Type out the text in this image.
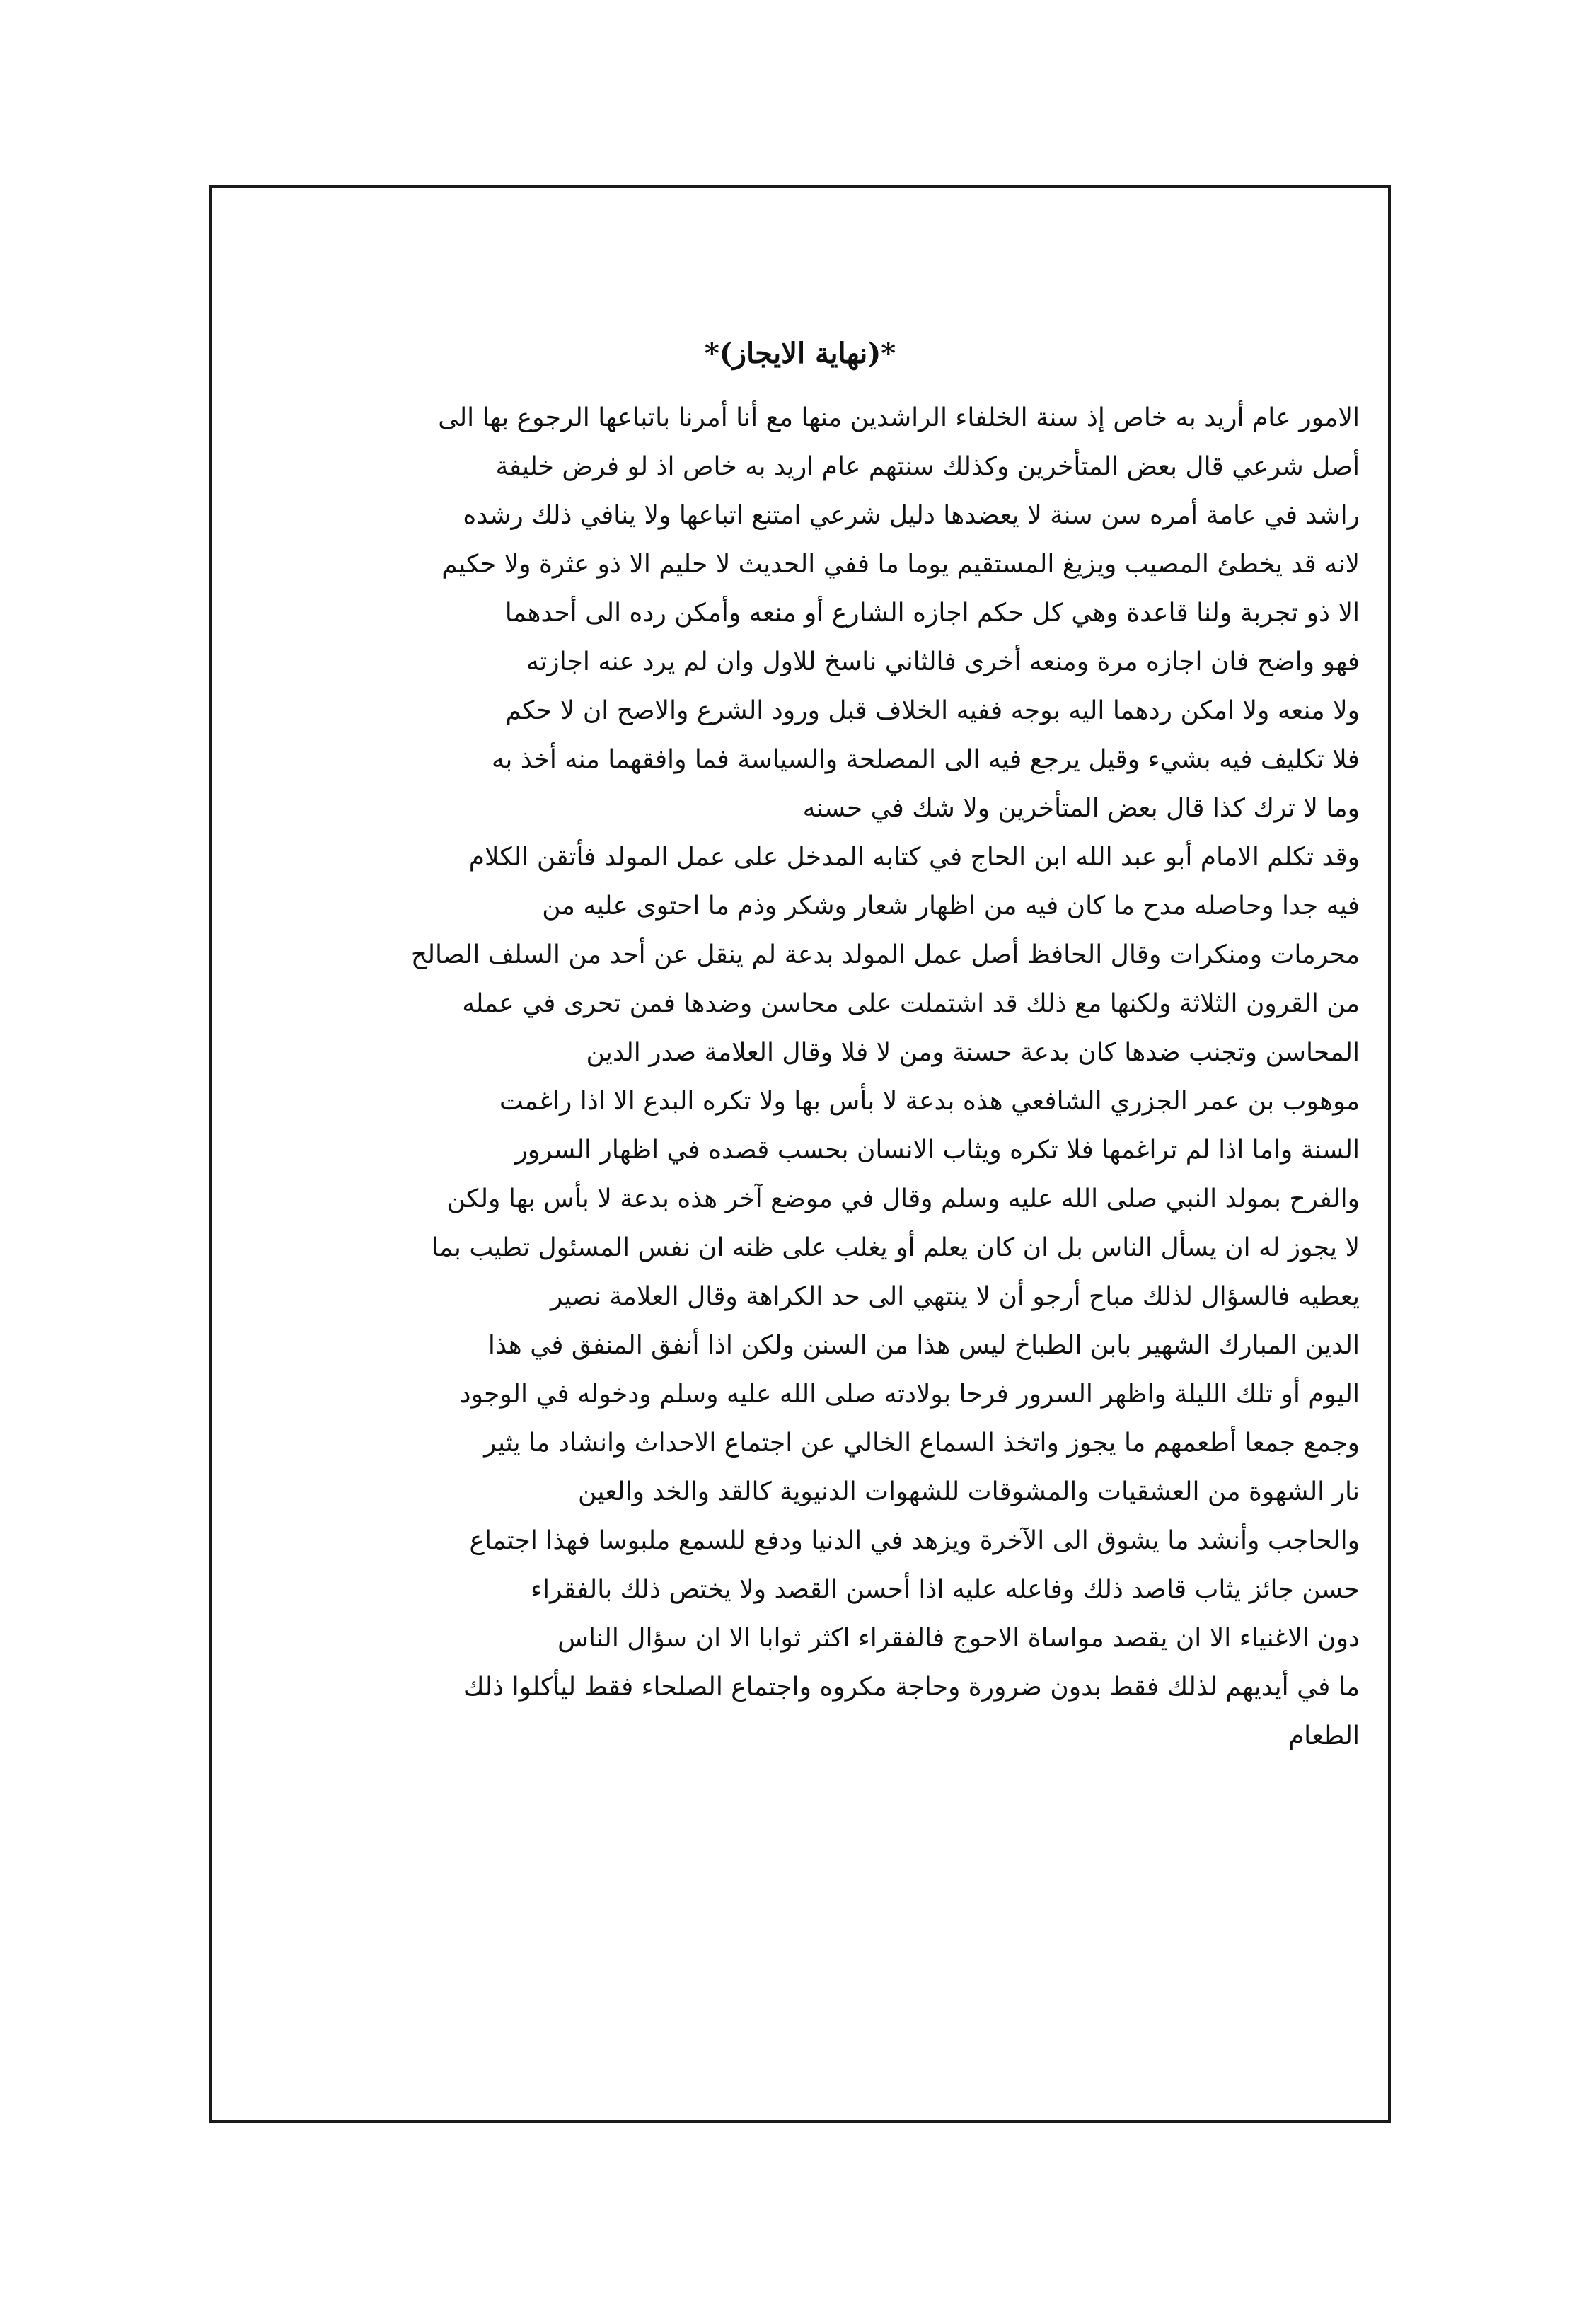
*(نهاية الايجاز)*
الامور عام أريد به خاص إذ سنة الخلفاء الراشدين منها مع أنا أمرنا باتباعها الرجوع بها الى
أصل شرعي قال بعض المتأخرين وكذلك سنتهم عام اريد به خاص اذ لو فرض خليفة
راشد في عامة أمره سن سنة لا يعضدها دليل شرعي امتنع اتباعها ولا ينافي ذلك رشده
لانه قد يخطئ المصيب ويزيغ المستقيم يوما ما ففي الحديث لا حليم الا ذو عثرة ولا حكيم
الا ذو تجربة ولنا قاعدة وهي كل حكم اجازه الشارع أو منعه وأمكن رده الى أحدهما
فهو واضح فان اجازه مرة ومنعه أخرى فالثاني ناسخ للاول وان لم يرد عنه اجازته
ولا منعه ولا امكن ردهما اليه بوجه ففيه الخلاف قبل ورود الشرع والاصح ان لا حكم
فلا تكليف فيه بشيء وقيل يرجع فيه الى المصلحة والسياسة فما وافقهما منه أخذ به
وما لا ترك كذا قال بعض المتأخرين ولا شك في حسنه
وقد تكلم الامام أبو عبد الله ابن الحاج في كتابه المدخل على عمل المولد فأتقن الكلام
فيه جدا وحاصله مدح ما كان فيه من اظهار شعار وشكر وذم ما احتوى عليه من
محرمات ومنكرات وقال الحافظ أصل عمل المولد بدعة لم ينقل عن أحد من السلف الصالح
من القرون الثلاثة ولكنها مع ذلك قد اشتملت على محاسن وضدها فمن تحرى في عمله
المحاسن وتجنب ضدها كان بدعة حسنة ومن لا فلا وقال العلامة صدر الدين
موهوب بن عمر الجزري الشافعي هذه بدعة لا بأس بها ولا تكره البدع الا اذا راغمت
السنة واما اذا لم تراغمها فلا تكره ويثاب الانسان بحسب قصده في اظهار السرور
والفرح بمولد النبي صلى الله عليه وسلم وقال في موضع آخر هذه بدعة لا بأس بها ولكن
لا يجوز له ان يسأل الناس بل ان كان يعلم أو يغلب على ظنه ان نفس المسئول تطيب بما
يعطيه فالسؤال لذلك مباح أرجو أن لا ينتهي الى حد الكراهة وقال العلامة نصير
الدين المبارك الشهير بابن الطباخ ليس هذا من السنن ولكن اذا أنفق المنفق في هذا
اليوم أو تلك الليلة واظهر السرور فرحا بولادته صلى الله عليه وسلم ودخوله في الوجود
وجمع جمعا أطعمهم ما يجوز واتخذ السماع الخالي عن اجتماع الاحداث وانشاد ما يثير
نار الشهوة من العشقيات والمشوقات للشهوات الدنيوية كالقد والخد والعين
والحاجب وأنشد ما يشوق الى الآخرة ويزهد في الدنيا ودفع للسمع ملبوسا فهذا اجتماع
حسن جائز يثاب قاصد ذلك وفاعله عليه اذا أحسن القصد ولا يختص ذلك بالفقراء
دون الاغنياء الا ان يقصد مواساة الاحوج فالفقراء اكثر ثوابا الا ان سؤال الناس
ما في أيديهم لذلك فقط بدون ضرورة وحاجة مكروه واجتماع الصلحاء فقط ليأكلوا ذلك
الطعام
